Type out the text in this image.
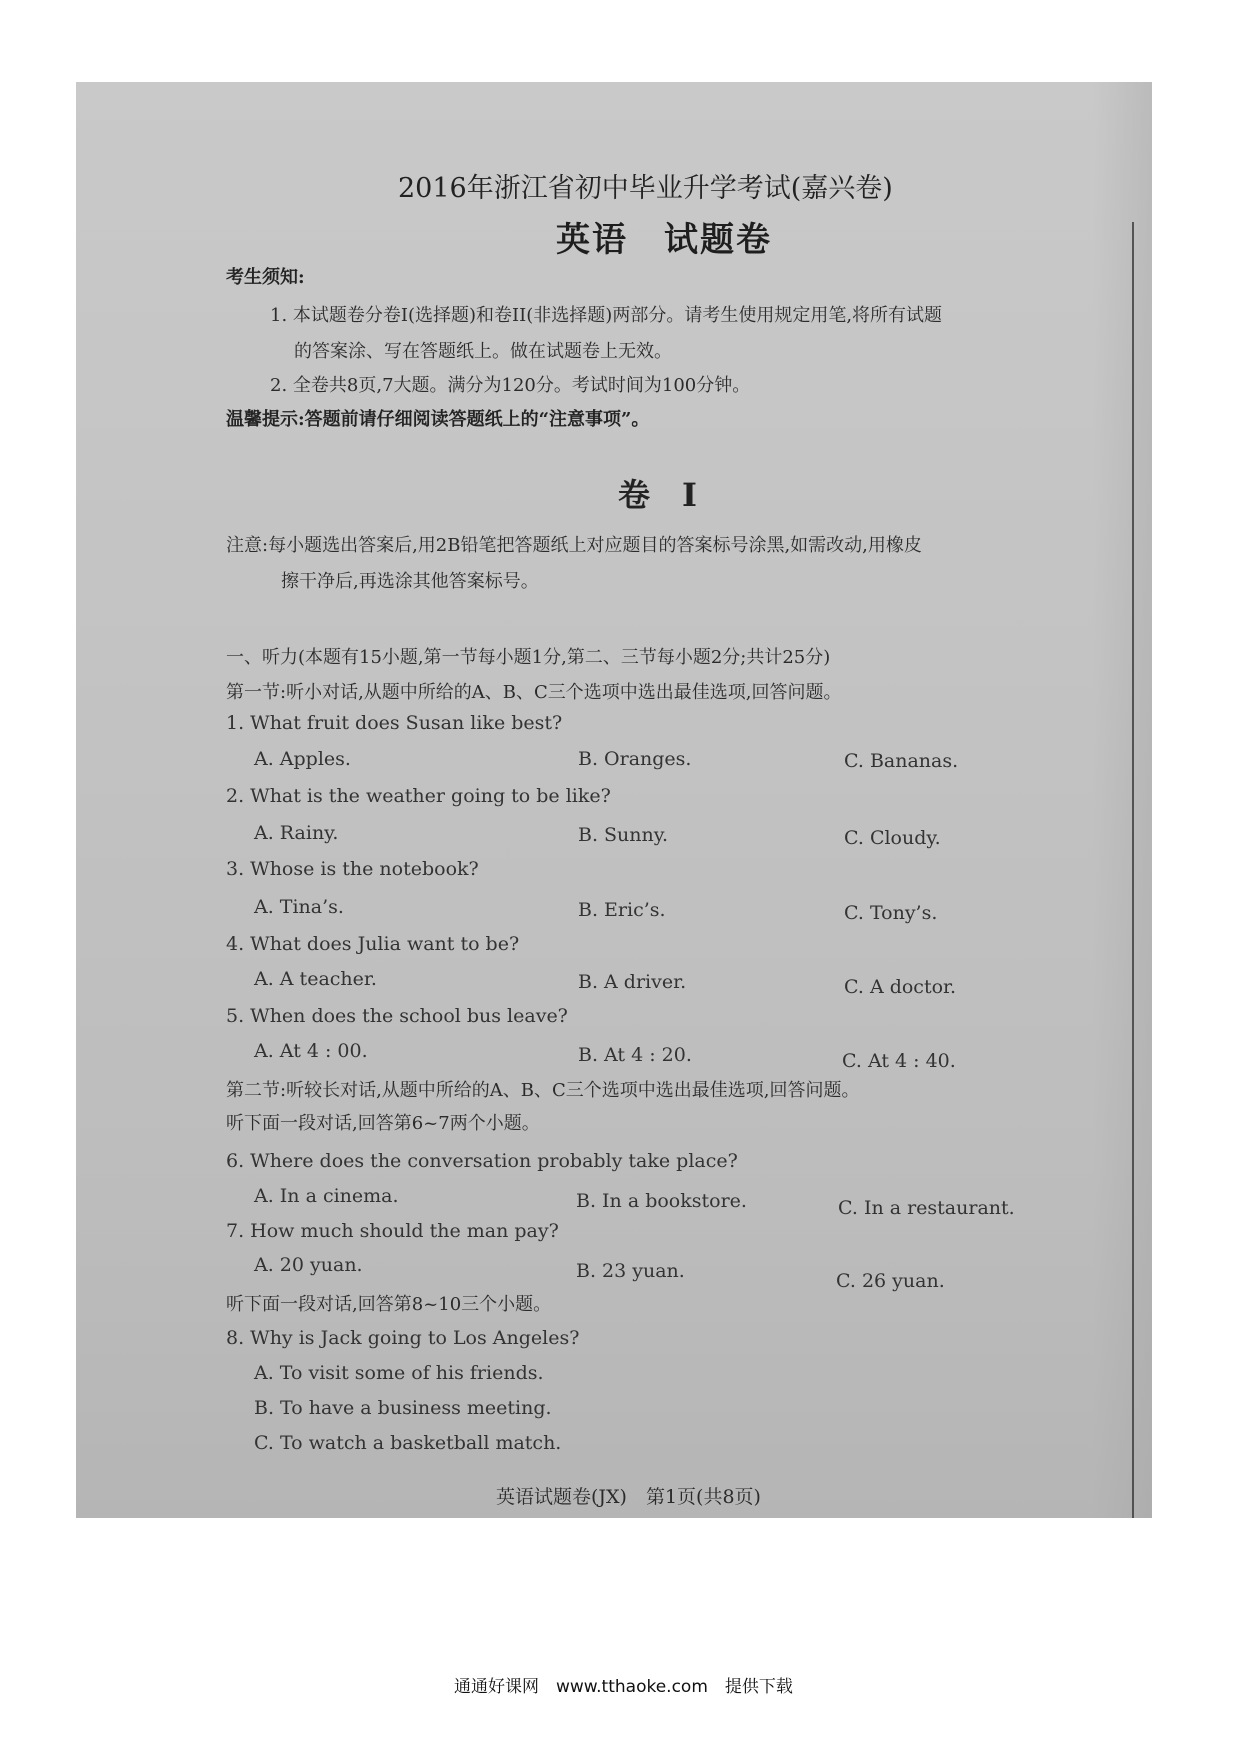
2016年浙江省初中毕业升学考试(嘉兴卷)
英语　试题卷
考生须知:
1. 本试题卷分卷I(选择题)和卷II(非选择题)两部分。请考生使用规定用笔,将所有试题
的答案涂、写在答题纸上。做在试题卷上无效。
2. 全卷共8页,7大题。满分为120分。考试时间为100分钟。
温馨提示:答题前请仔细阅读答题纸上的“注意事项”。
卷　I
注意:每小题选出答案后,用2B铅笔把答题纸上对应题目的答案标号涂黑,如需改动,用橡皮
擦干净后,再选涂其他答案标号。
一、听力(本题有15小题,第一节每小题1分,第二、三节每小题2分;共计25分)
第一节:听小对话,从题中所给的A、B、C三个选项中选出最佳选项,回答问题。
1. What fruit does Susan like best?
A. Apples.	B. Oranges.	C. Bananas.
2. What is the weather going to be like?
A. Rainy.	B. Sunny.	C. Cloudy.
3. Whose is the notebook?
A. Tina’s.	B. Eric’s.	C. Tony’s.
4. What does Julia want to be?
A. A teacher.	B. A driver.	C. A doctor.
5. When does the school bus leave?
A. At 4 : 00.	B. At 4 : 20.	C. At 4 : 40.
第二节:听较长对话,从题中所给的A、B、C三个选项中选出最佳选项,回答问题。
听下面一段对话,回答第6~7两个小题。
6. Where does the conversation probably take place?
A. In a cinema.	B. In a bookstore.	C. In a restaurant.
7. How much should the man pay?
A. 20 yuan.	B. 23 yuan.	C. 26 yuan.
听下面一段对话,回答第8~10三个小题。
8. Why is Jack going to Los Angeles?
A. To visit some of his friends.
B. To have a business meeting.
C. To watch a basketball match.
英语试题卷(JX)　第1页(共8页)
通通好课网　www.tthaoke.com　提供下载
